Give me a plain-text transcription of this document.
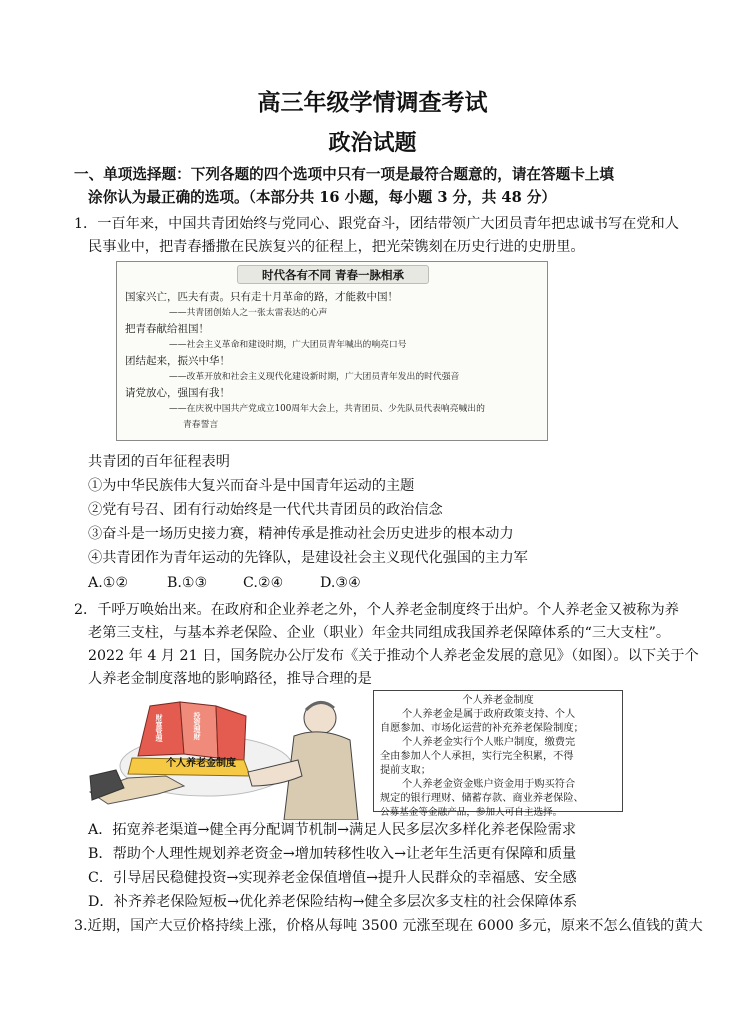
高三年级学情调查考试
政治试题
一、单项选择题：下列各题的四个选项中只有一项是最符合题意的，请在答题卡上填
涂你认为最正确的选项。（本部分共 16 小题，每小题 3 分，共 48 分）
1．一百年来，中国共青团始终与党同心、跟党奋斗，团结带领广大团员青年把忠诚书写在党和人
民事业中，把青春播撒在民族复兴的征程上，把光荣镌刻在历史行进的史册里。
时代各有不同 青春一脉相承
国家兴亡，匹夫有责。只有走十月革命的路，才能救中国！
——共青团创始人之一张太雷表达的心声
把青春献给祖国！
——社会主义革命和建设时期，广大团员青年喊出的响亮口号
团结起来，振兴中华！
——改革开放和社会主义现代化建设新时期，广大团员青年发出的时代强音
请党放心，强国有我！
——在庆祝中国共产党成立100周年大会上，共青团员、少先队员代表响亮喊出的
青春誓言
共青团的百年征程表明
①为中华民族伟大复兴而奋斗是中国青年运动的主题
②党有号召、团有行动始终是一代代共青团员的政治信念
③奋斗是一场历史接力赛，精神传承是推动社会历史进步的根本动力
④共青团作为青年运动的先锋队，是建设社会主义现代化强国的主力军
A.①②	B.①③	C.②④	D.③④
2．千呼万唤始出来。在政府和企业养老之外，个人养老金制度终于出炉。个人养老金又被称为养
老第三支柱，与基本养老保险、企业（职业）年金共同组成我国养老保障体系的“三大支柱”。
2022 年 4 月 21 日，国务院办公厅发布《关于推动个人养老金发展的意见》（如图）。以下关于个
人养老金制度落地的影响路径，推导合理的是
个人养老金制度
财富管理	投资理财
个人养老金制度
个人养老金是属于政府政策支持、个人
自愿参加、市场化运营的补充养老保险制度；
个人养老金实行个人账户制度，缴费完
全由参加人个人承担，实行完全积累，不得
提前支取；
个人养老金资金账户资金用于购买符合
规定的银行理财、储蓄存款、商业养老保险、
公募基金等金融产品，参加人可自主选择。
A．拓宽养老渠道→健全再分配调节机制→满足人民多层次多样化养老保险需求
B．帮助个人理性规划养老资金→增加转移性收入→让老年生活更有保障和质量
C．引导居民稳健投资→实现养老金保值增值→提升人民群众的幸福感、安全感
D．补齐养老保险短板→优化养老保险结构→健全多层次多支柱的社会保障体系
3.近期，国产大豆价格持续上涨，价格从每吨 3500 元涨至现在 6000 多元，原来不怎么值钱的黄大
